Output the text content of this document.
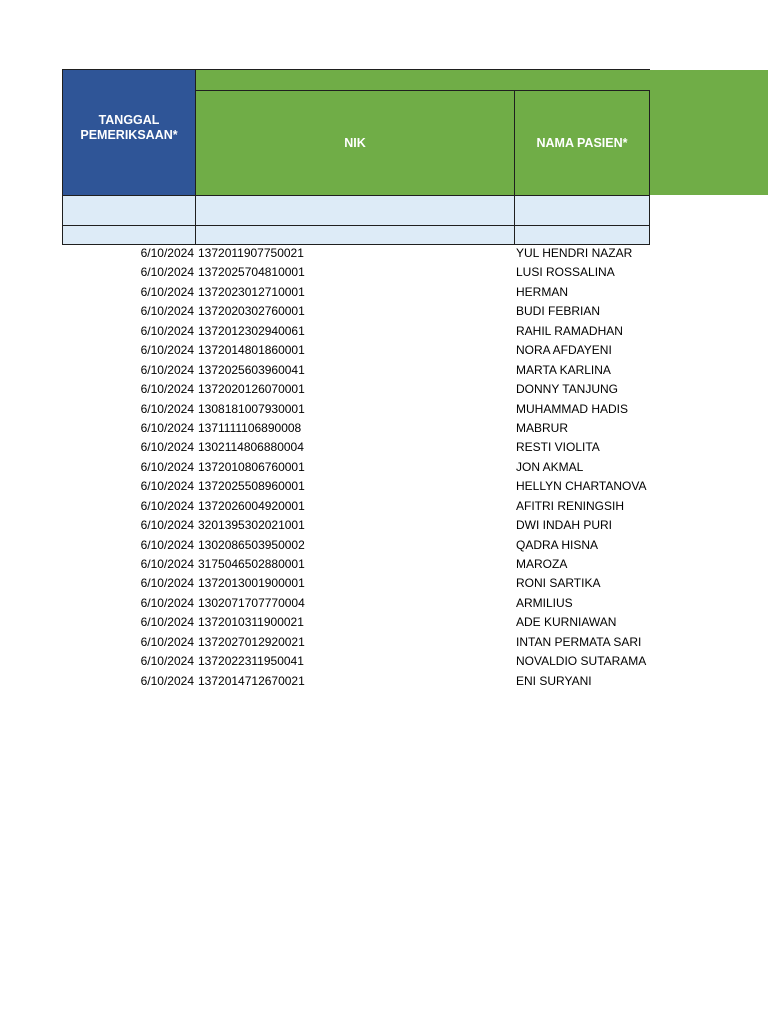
TANGGAL
PEMERIKSAAN*
NIK	NAMA PASIEN*
6/10/2024 1372011907750021	YUL HENDRI NAZAR
6/10/2024 1372025704810001	LUSI ROSSALINA
6/10/2024 1372023012710001	HERMAN
6/10/2024 1372020302760001	BUDI FEBRIAN
6/10/2024 1372012302940061	RAHIL RAMADHAN
6/10/2024 1372014801860001	NORA AFDAYENI
6/10/2024 1372025603960041	MARTA KARLINA
6/10/2024 1372020126070001	DONNY TANJUNG
6/10/2024 1308181007930001	MUHAMMAD HADIS
6/10/2024 1371111106890008	MABRUR
6/10/2024 1302114806880004	RESTI VIOLITA
6/10/2024 1372010806760001	JON AKMAL
6/10/2024 1372025508960001	HELLYN CHARTANOVA
6/10/2024 1372026004920001	AFITRI RENINGSIH
6/10/2024 3201395302021001	DWI INDAH PURI
6/10/2024 1302086503950002	QADRA HISNA
6/10/2024 3175046502880001	MAROZA
6/10/2024 1372013001900001	RONI SARTIKA
6/10/2024 1302071707770004	ARMILIUS
6/10/2024 1372010311900021	ADE KURNIAWAN
6/10/2024 1372027012920021	INTAN PERMATA SARI
6/10/2024 1372022311950041	NOVALDIO SUTARAMA
6/10/2024 1372014712670021	ENI SURYANI
